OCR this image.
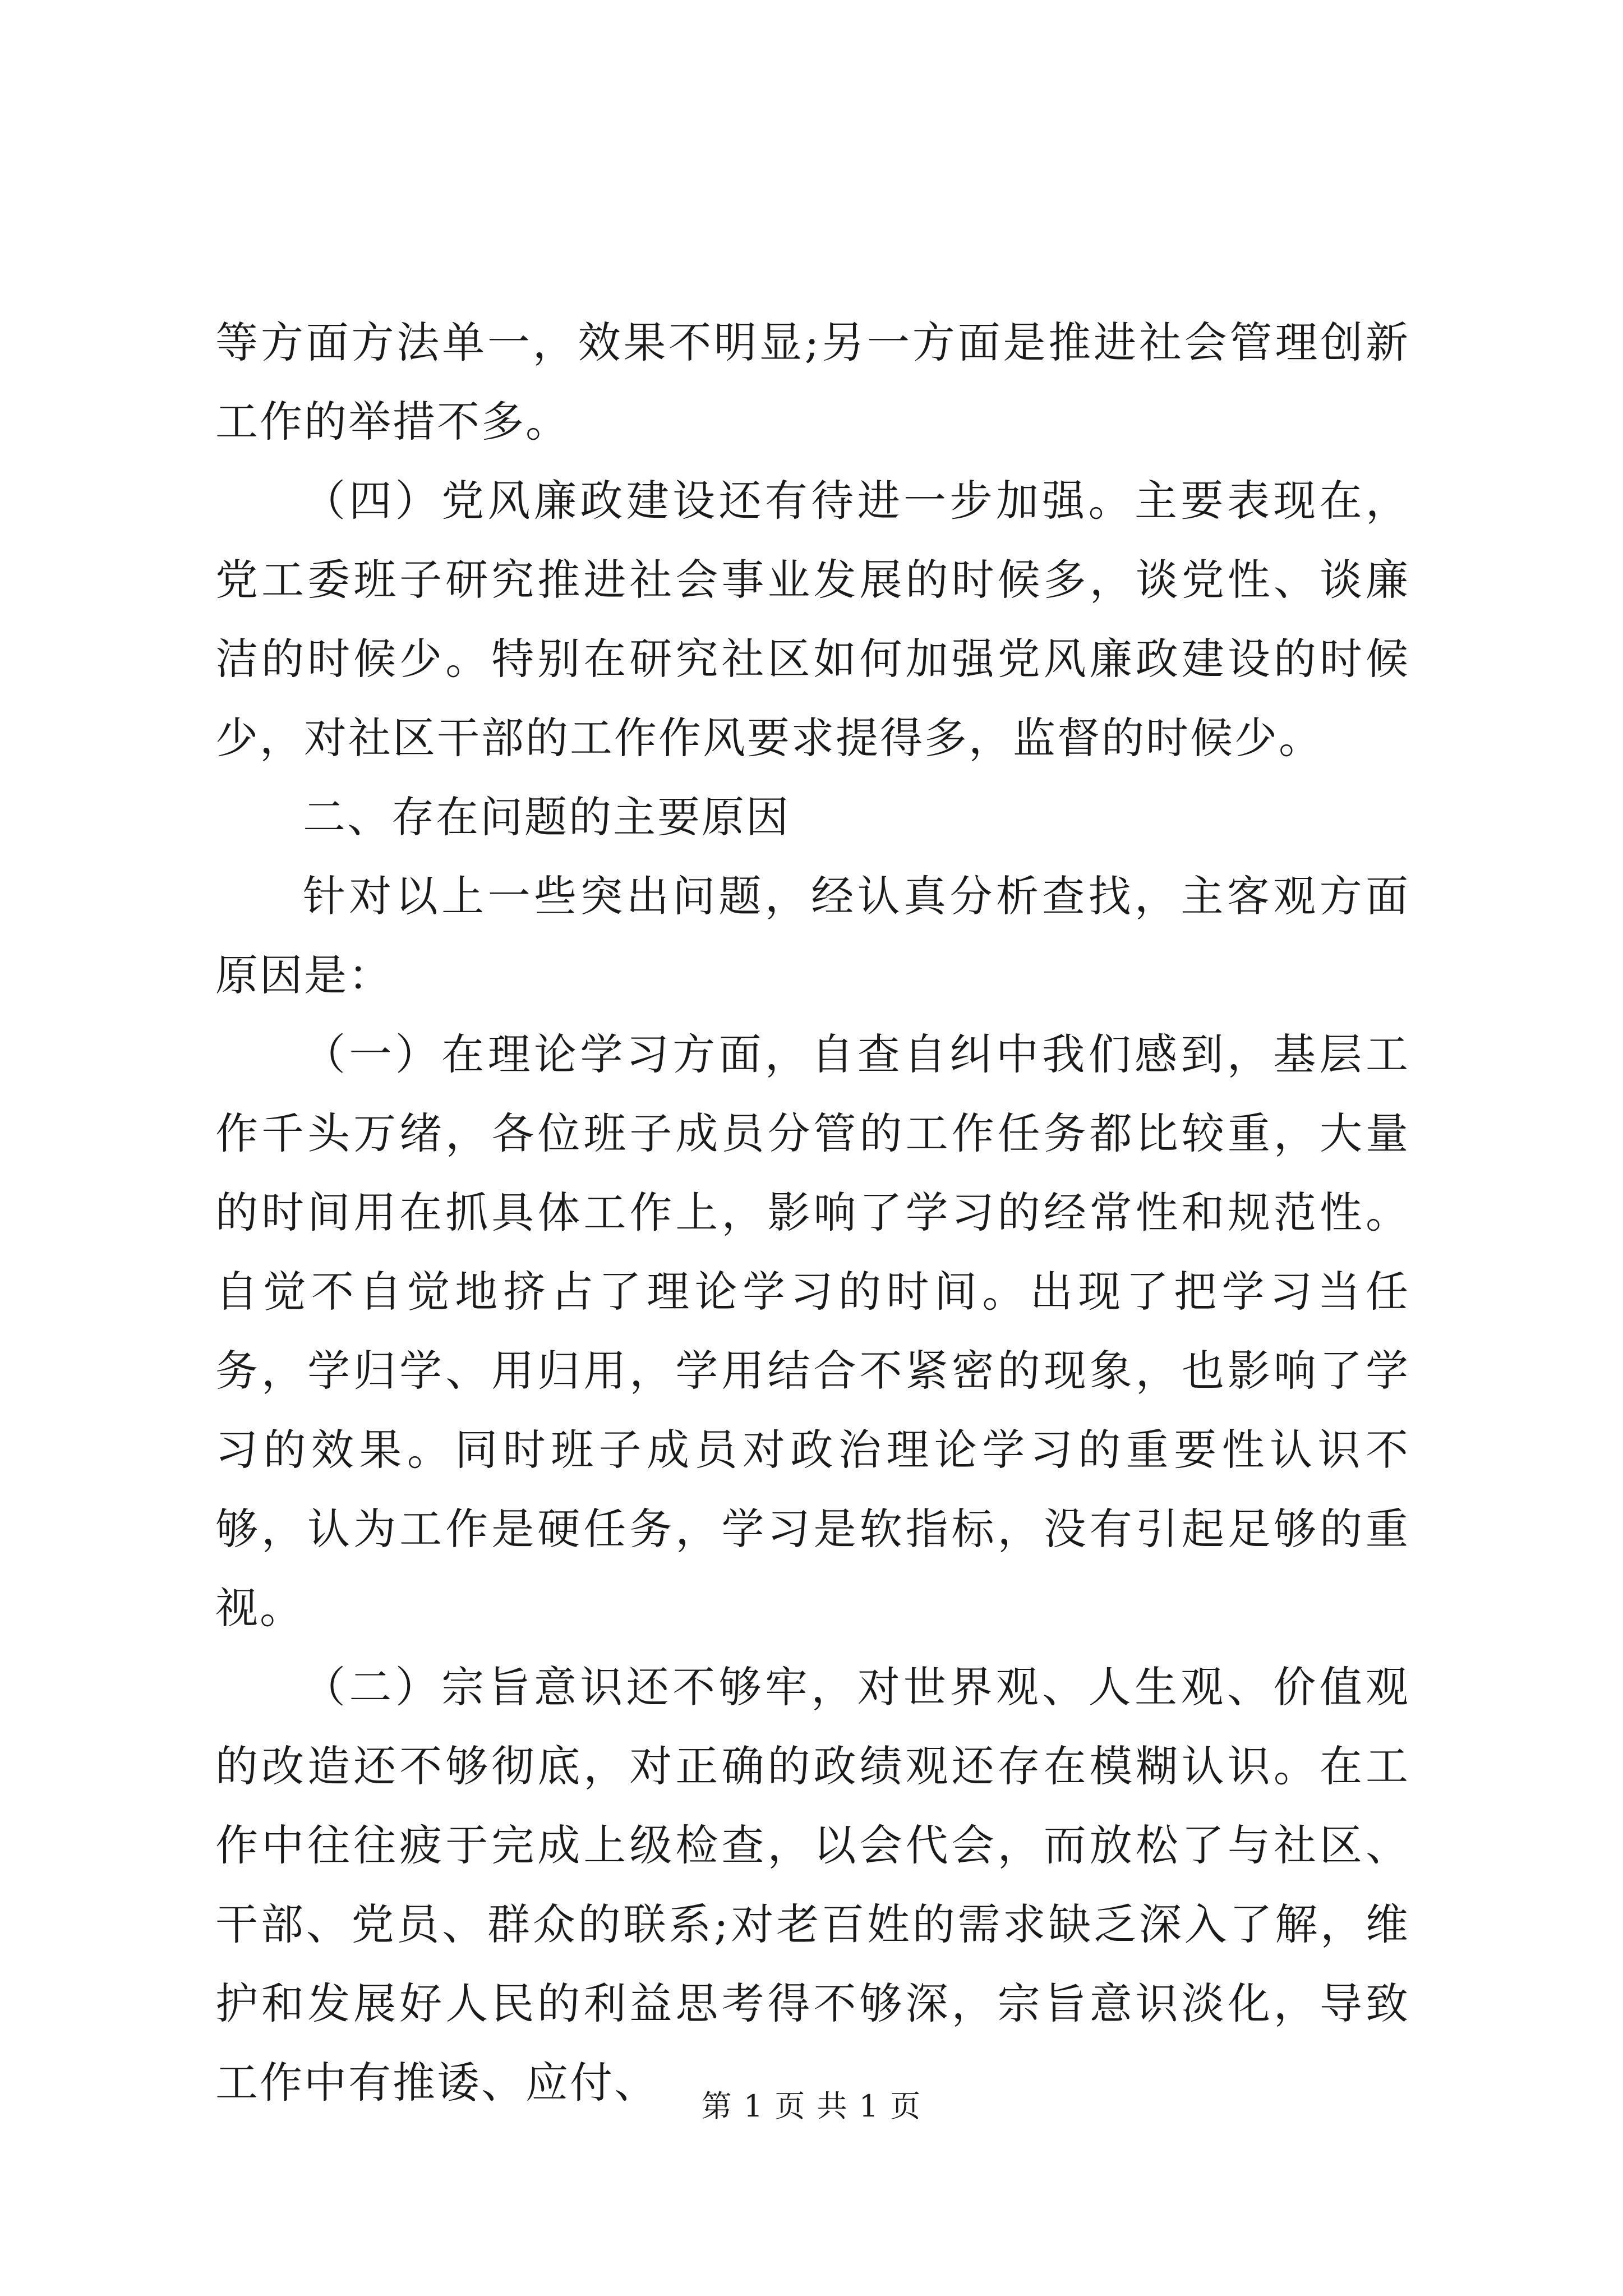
等方面方法单一，效果不明显;另一方面是推进社会管理创新工作的举措不多。

（四）党风廉政建设还有待进一步加强。主要表现在，党工委班子研究推进社会事业发展的时候多，谈党性、谈廉洁的时候少。特别在研究社区如何加强党风廉政建设的时候少，对社区干部的工作作风要求提得多，监督的时候少。

二、存在问题的主要原因

针对以上一些突出问题，经认真分析查找，主客观方面原因是：

（一）在理论学习方面，自查自纠中我们感到，基层工作千头万绪，各位班子成员分管的工作任务都比较重，大量的时间用在抓具体工作上，影响了学习的经常性和规范性。自觉不自觉地挤占了理论学习的时间。出现了把学习当任务，学归学、用归用，学用结合不紧密的现象，也影响了学习的效果。同时班子成员对政治理论学习的重要性认识不够，认为工作是硬任务，学习是软指标，没有引起足够的重视。

（二）宗旨意识还不够牢，对世界观、人生观、价值观的改造还不够彻底，对正确的政绩观还存在模糊认识。在工作中往往疲于完成上级检查，以会代会，而放松了与社区、干部、党员、群众的联系;对老百姓的需求缺乏深入了解，维护和发展好人民的利益思考得不够深，宗旨意识淡化，导致工作中有推诿、应付、	第 1 页 共 1 页
